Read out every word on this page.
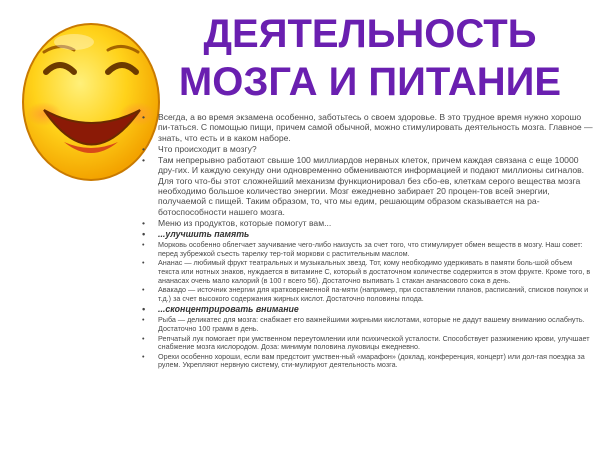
ДЕЯТЕЛЬНОСТЬ МОЗГА И ПИТАНИЕ
• Всегда, а во время экзамена особенно, заботьтесь о своем здоровье. В это трудное время нужно хорошо пи-таться. С помощью пищи, причем самой обычной, можно стимулировать деятельность мозга. Главное — знать, что есть и в каком наборе.
• Что происходит в мозгу?
• Там непрерывно работают свыше 100 миллиардов нервных клеток, причем каждая связана с еще 10000 дру-гих. И каждую секунду они одновременно обмениваются информацией и подают миллионы сигналов. Для того что-бы этот сложнейший механизм функционировал без сбо-ев, клеткам серого вещества мозга необходимо большое количество энергии. Мозг ежедневно забирает 20 процен-тов всей энергии, получаемой с пищей. Таким образом, то, что мы едим, решающим образом сказывается на ра-ботоспособности нашего мозга.
• Меню из продуктов, которые помогут вам...
• ...улучшить память
• Морковь особенно облегчает заучивание чего-либо наизусть за счет того, что стимулирует обмен веществ в мозгу. Наш совет: перед зубрежкой съесть тарелку тер-той моркови с растительным маслом.
• Ананас — любимый фрукт театральных и музыкальных звезд. Тот, кому необходимо удерживать в памяти боль-шой объем текста или нотных знаков, нуждается в витамине С, который в достаточном количестве содержится в этом фрукте. Кроме того, в ананасах очень мало калорий (в 100 г всего 56). Достаточно выпивать 1 стакан ананасового сока в день.
• Авакадо — источник энергии для кратковременной па-мяти (например, при составлении планов, расписаний, списков покупок и т.д.) за счет высокого содержания жирных кислот. Достаточно половины плода.
• ...сконцентрировать внимание
• Рыба — деликатес для мозга: снабжает его важнейшими жирными кислотами, которые не дадут вашему вниманию ослабнуть. Достаточно 100 грамм в день.
• Репчатый лук помогает при умственном переутомлении или психической усталости. Способствует разжижению крови, улучшает снабжение мозга кислородом. Доза: минимум половина луковицы ежедневно.
• Орехи особенно хороши, если вам предстоит умствен-ный «марафон» (доклад, конференция, концерт) или дол-гая поездка за рулем. Укрепляют нервную систему, сти-мулируют деятельность мозга.
